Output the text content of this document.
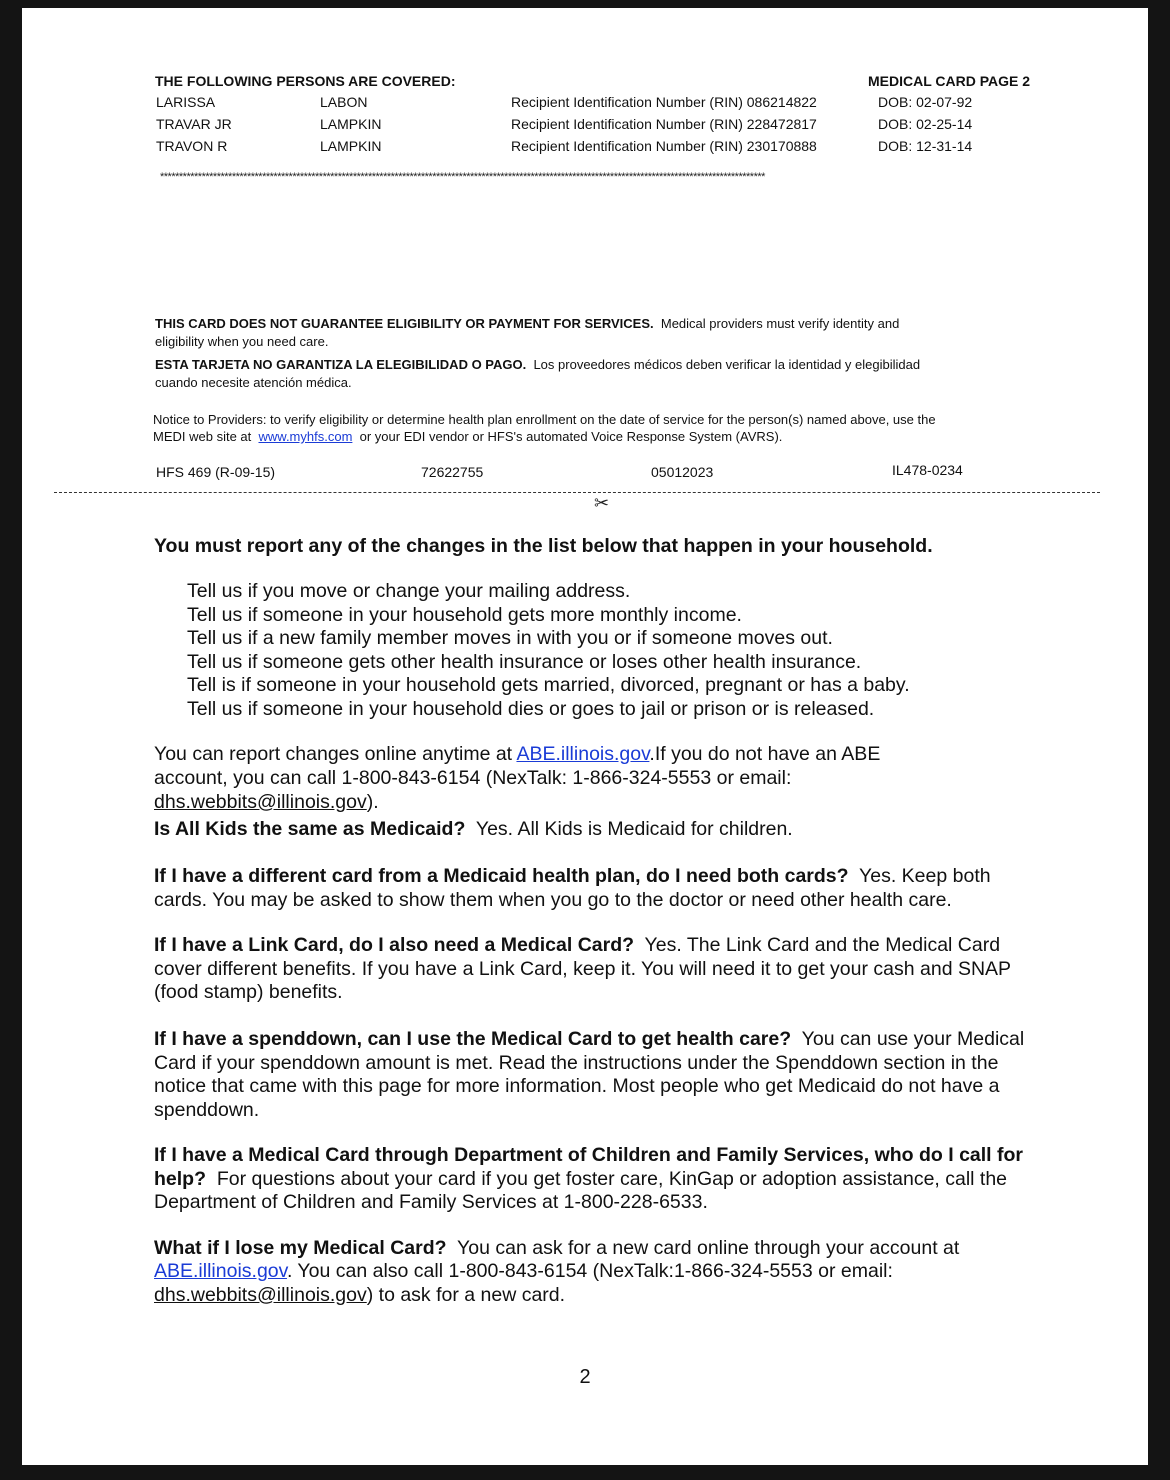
THE FOLLOWING PERSONS ARE COVERED:	MEDICAL CARD PAGE 2
LARISSA	LABON	Recipient Identification Number (RIN) 086214822	DOB: 02-07-92
TRAVAR JR	LAMPKIN	Recipient Identification Number (RIN) 228472817	DOB: 02-25-14
TRAVON R	LAMPKIN	Recipient Identification Number (RIN) 230170888	DOB: 12-31-14
****************************************************************************************************************************************************************
THIS CARD DOES NOT GUARANTEE ELIGIBILITY OR PAYMENT FOR SERVICES. Medical providers must verify identity and
eligibility when you need care.
ESTA TARJETA NO GARANTIZA LA ELEGIBILIDAD O PAGO. Los proveedores médicos deben verificar la identidad y elegibilidad
cuando necesite atención médica.
Notice to Providers: to verify eligibility or determine health plan enrollment on the date of service for the person(s) named above, use the
MEDI web site at www.myhfs.com or your EDI vendor or HFS's automated Voice Response System (AVRS).
HFS 469 (R-09-15)	72622755	05012023	IL478-0234
✂
You must report any of the changes in the list below that happen in your household.
Tell us if you move or change your mailing address.
Tell us if someone in your household gets more monthly income.
Tell us if a new family member moves in with you or if someone moves out.
Tell us if someone gets other health insurance or loses other health insurance.
Tell is if someone in your household gets married, divorced, pregnant or has a baby.
Tell us if someone in your household dies or goes to jail or prison or is released.
You can report changes online anytime at ABE.illinois.gov.If you do not have an ABE
account, you can call 1-800-843-6154 (NexTalk: 1-866-324-5553 or email:
dhs.webbits@illinois.gov).
Is All Kids the same as Medicaid? Yes. All Kids is Medicaid for children.
If I have a different card from a Medicaid health plan, do I need both cards? Yes. Keep both cards. You may be asked to show them when you go to the doctor or need other health care.
If I have a Link Card, do I also need a Medical Card? Yes. The Link Card and the Medical Card cover different benefits. If you have a Link Card, keep it. You will need it to get your cash and SNAP (food stamp) benefits.
If I have a spenddown, can I use the Medical Card to get health care? You can use your Medical Card if your spenddown amount is met. Read the instructions under the Spenddown section in the notice that came with this page for more information. Most people who get Medicaid do not have a spenddown.
If I have a Medical Card through Department of Children and Family Services, who do I call for help? For questions about your card if you get foster care, KinGap or adoption assistance, call the Department of Children and Family Services at 1-800-228-6533.
What if I lose my Medical Card? You can ask for a new card online through your account at
ABE.illinois.gov. You can also call 1-800-843-6154 (NexTalk:1-866-324-5553 or email:
dhs.webbits@illinois.gov) to ask for a new card.
2
